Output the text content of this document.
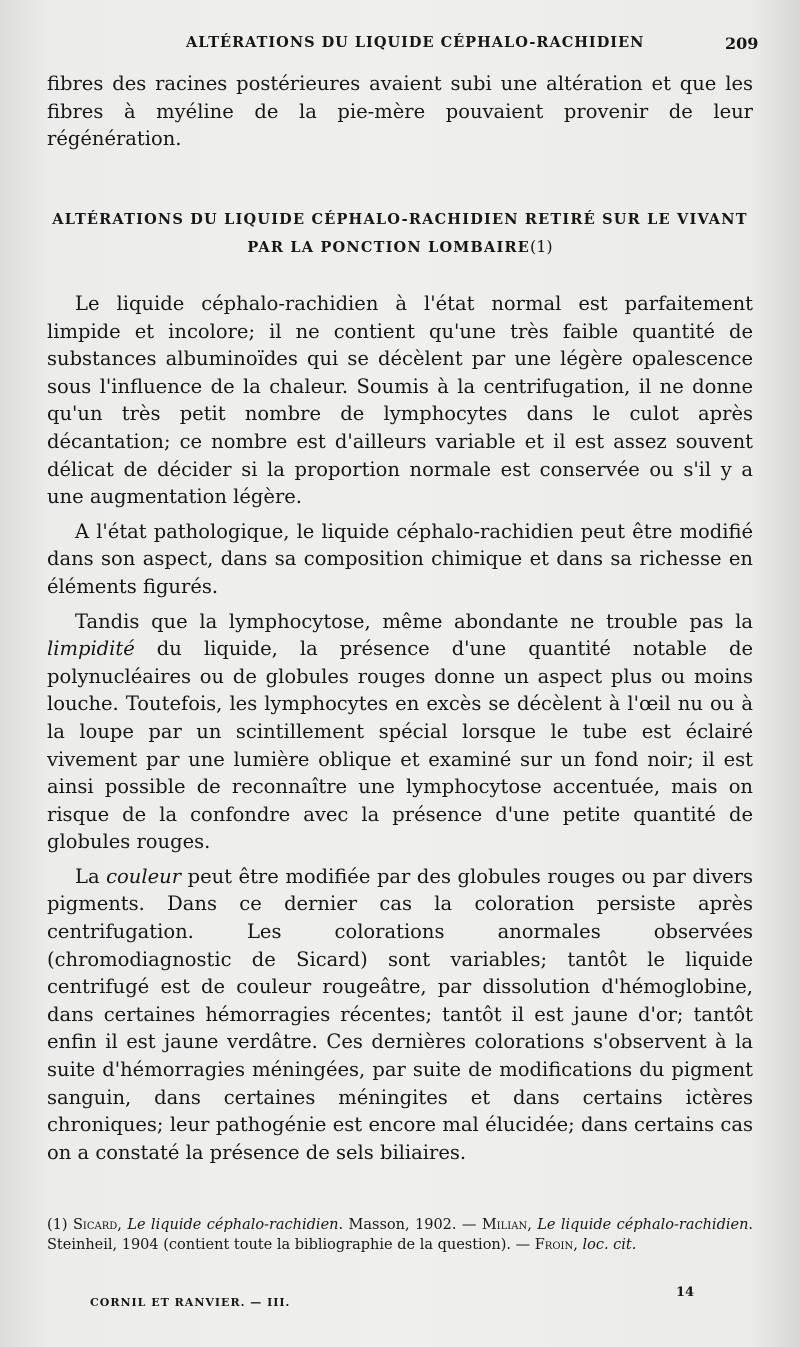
ALTÉRATIONS DU LIQUIDE CÉPHALO-RACHIDIEN	209

fibres des racines postérieures avaient subi une altération et que les fibres à myéline de la pie-mère pouvaient provenir de leur régénération.

ALTÉRATIONS DU LIQUIDE CÉPHALO-RACHIDIEN RETIRÉ SUR LE VIVANT
PAR LA PONCTION LOMBAIRE(1)

Le liquide céphalo-rachidien à l'état normal est parfaitement limpide et incolore; il ne contient qu'une très faible quantité de substances albuminoïdes qui se décèlent par une légère opalescence sous l'influence de la chaleur. Soumis à la centrifugation, il ne donne qu'un très petit nombre de lymphocytes dans le culot après décantation; ce nombre est d'ailleurs variable et il est assez souvent délicat de décider si la proportion normale est conservée ou s'il y a une augmentation légère.

A l'état pathologique, le liquide céphalo-rachidien peut être modifié dans son aspect, dans sa composition chimique et dans sa richesse en éléments figurés.

Tandis que la lymphocytose, même abondante ne trouble pas la limpidité du liquide, la présence d'une quantité notable de polynucléaires ou de globules rouges donne un aspect plus ou moins louche. Toutefois, les lymphocytes en excès se décèlent à l'œil nu ou à la loupe par un scintillement spécial lorsque le tube est éclairé vivement par une lumière oblique et examiné sur un fond noir; il est ainsi possible de reconnaître une lymphocytose accentuée, mais on risque de la confondre avec la présence d'une petite quantité de globules rouges.

La couleur peut être modifiée par des globules rouges ou par divers pigments. Dans ce dernier cas la coloration persiste après centrifugation. Les colorations anormales observées (chromodiagnostic de Sicard) sont variables; tantôt le liquide centrifugé est de couleur rougeâtre, par dissolution d'hémoglobine, dans certaines hémorragies récentes; tantôt il est jaune d'or; tantôt enfin il est jaune verdâtre. Ces dernières colorations s'observent à la suite d'hémorragies méningées, par suite de modifications du pigment sanguin, dans certaines méningites et dans certains ictères chroniques; leur pathogénie est encore mal élucidée; dans certains cas on a constaté la présence de sels biliaires.

(1) Sicard, Le liquide céphalo-rachidien. Masson, 1902. — Milian, Le liquide céphalo-rachidien. Steinheil, 1904 (contient toute la bibliographie de la question). — Froin, loc. cit.
CORNIL ET RANVIER. — III.
14
